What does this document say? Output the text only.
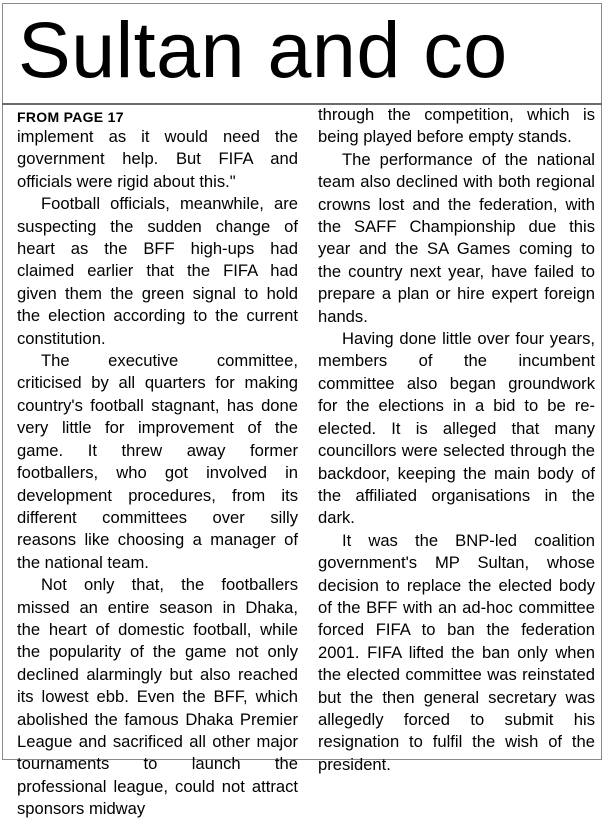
Sultan and co
FROM PAGE 17

implement as it would need the government help. But FIFA and officials were rigid about this."

Football officials, meanwhile, are suspecting the sudden change of heart as the BFF high-ups had claimed earlier that the FIFA had given them the green signal to hold the election according to the current constitution.

The executive committee, criticised by all quarters for making country's football stagnant, has done very little for improvement of the game. It threw away former footballers, who got involved in development procedures, from its different committees over silly reasons like choosing a manager of the national team.

Not only that, the footballers missed an entire season in Dhaka, the heart of domestic football, while the popularity of the game not only declined alarmingly but also reached its lowest ebb. Even the BFF, which abolished the famous Dhaka Premier League and sacrificed all other major tournaments to launch the professional league, could not attract sponsors midway

through the competition, which is being played before empty stands.

The performance of the national team also declined with both regional crowns lost and the federation, with the SAFF Championship due this year and the SA Games coming to the country next year, have failed to prepare a plan or hire expert foreign hands.

Having done little over four years, members of the incumbent committee also began groundwork for the elections in a bid to be re-elected. It is alleged that many councillors were selected through the backdoor, keeping the main body of the affiliated organisations in the dark.

It was the BNP-led coalition government's MP Sultan, whose decision to replace the elected body of the BFF with an ad-hoc committee forced FIFA to ban the federation 2001. FIFA lifted the ban only when the elected committee was reinstated but the then general secretary was allegedly forced to submit his resignation to fulfil the wish of the president.
